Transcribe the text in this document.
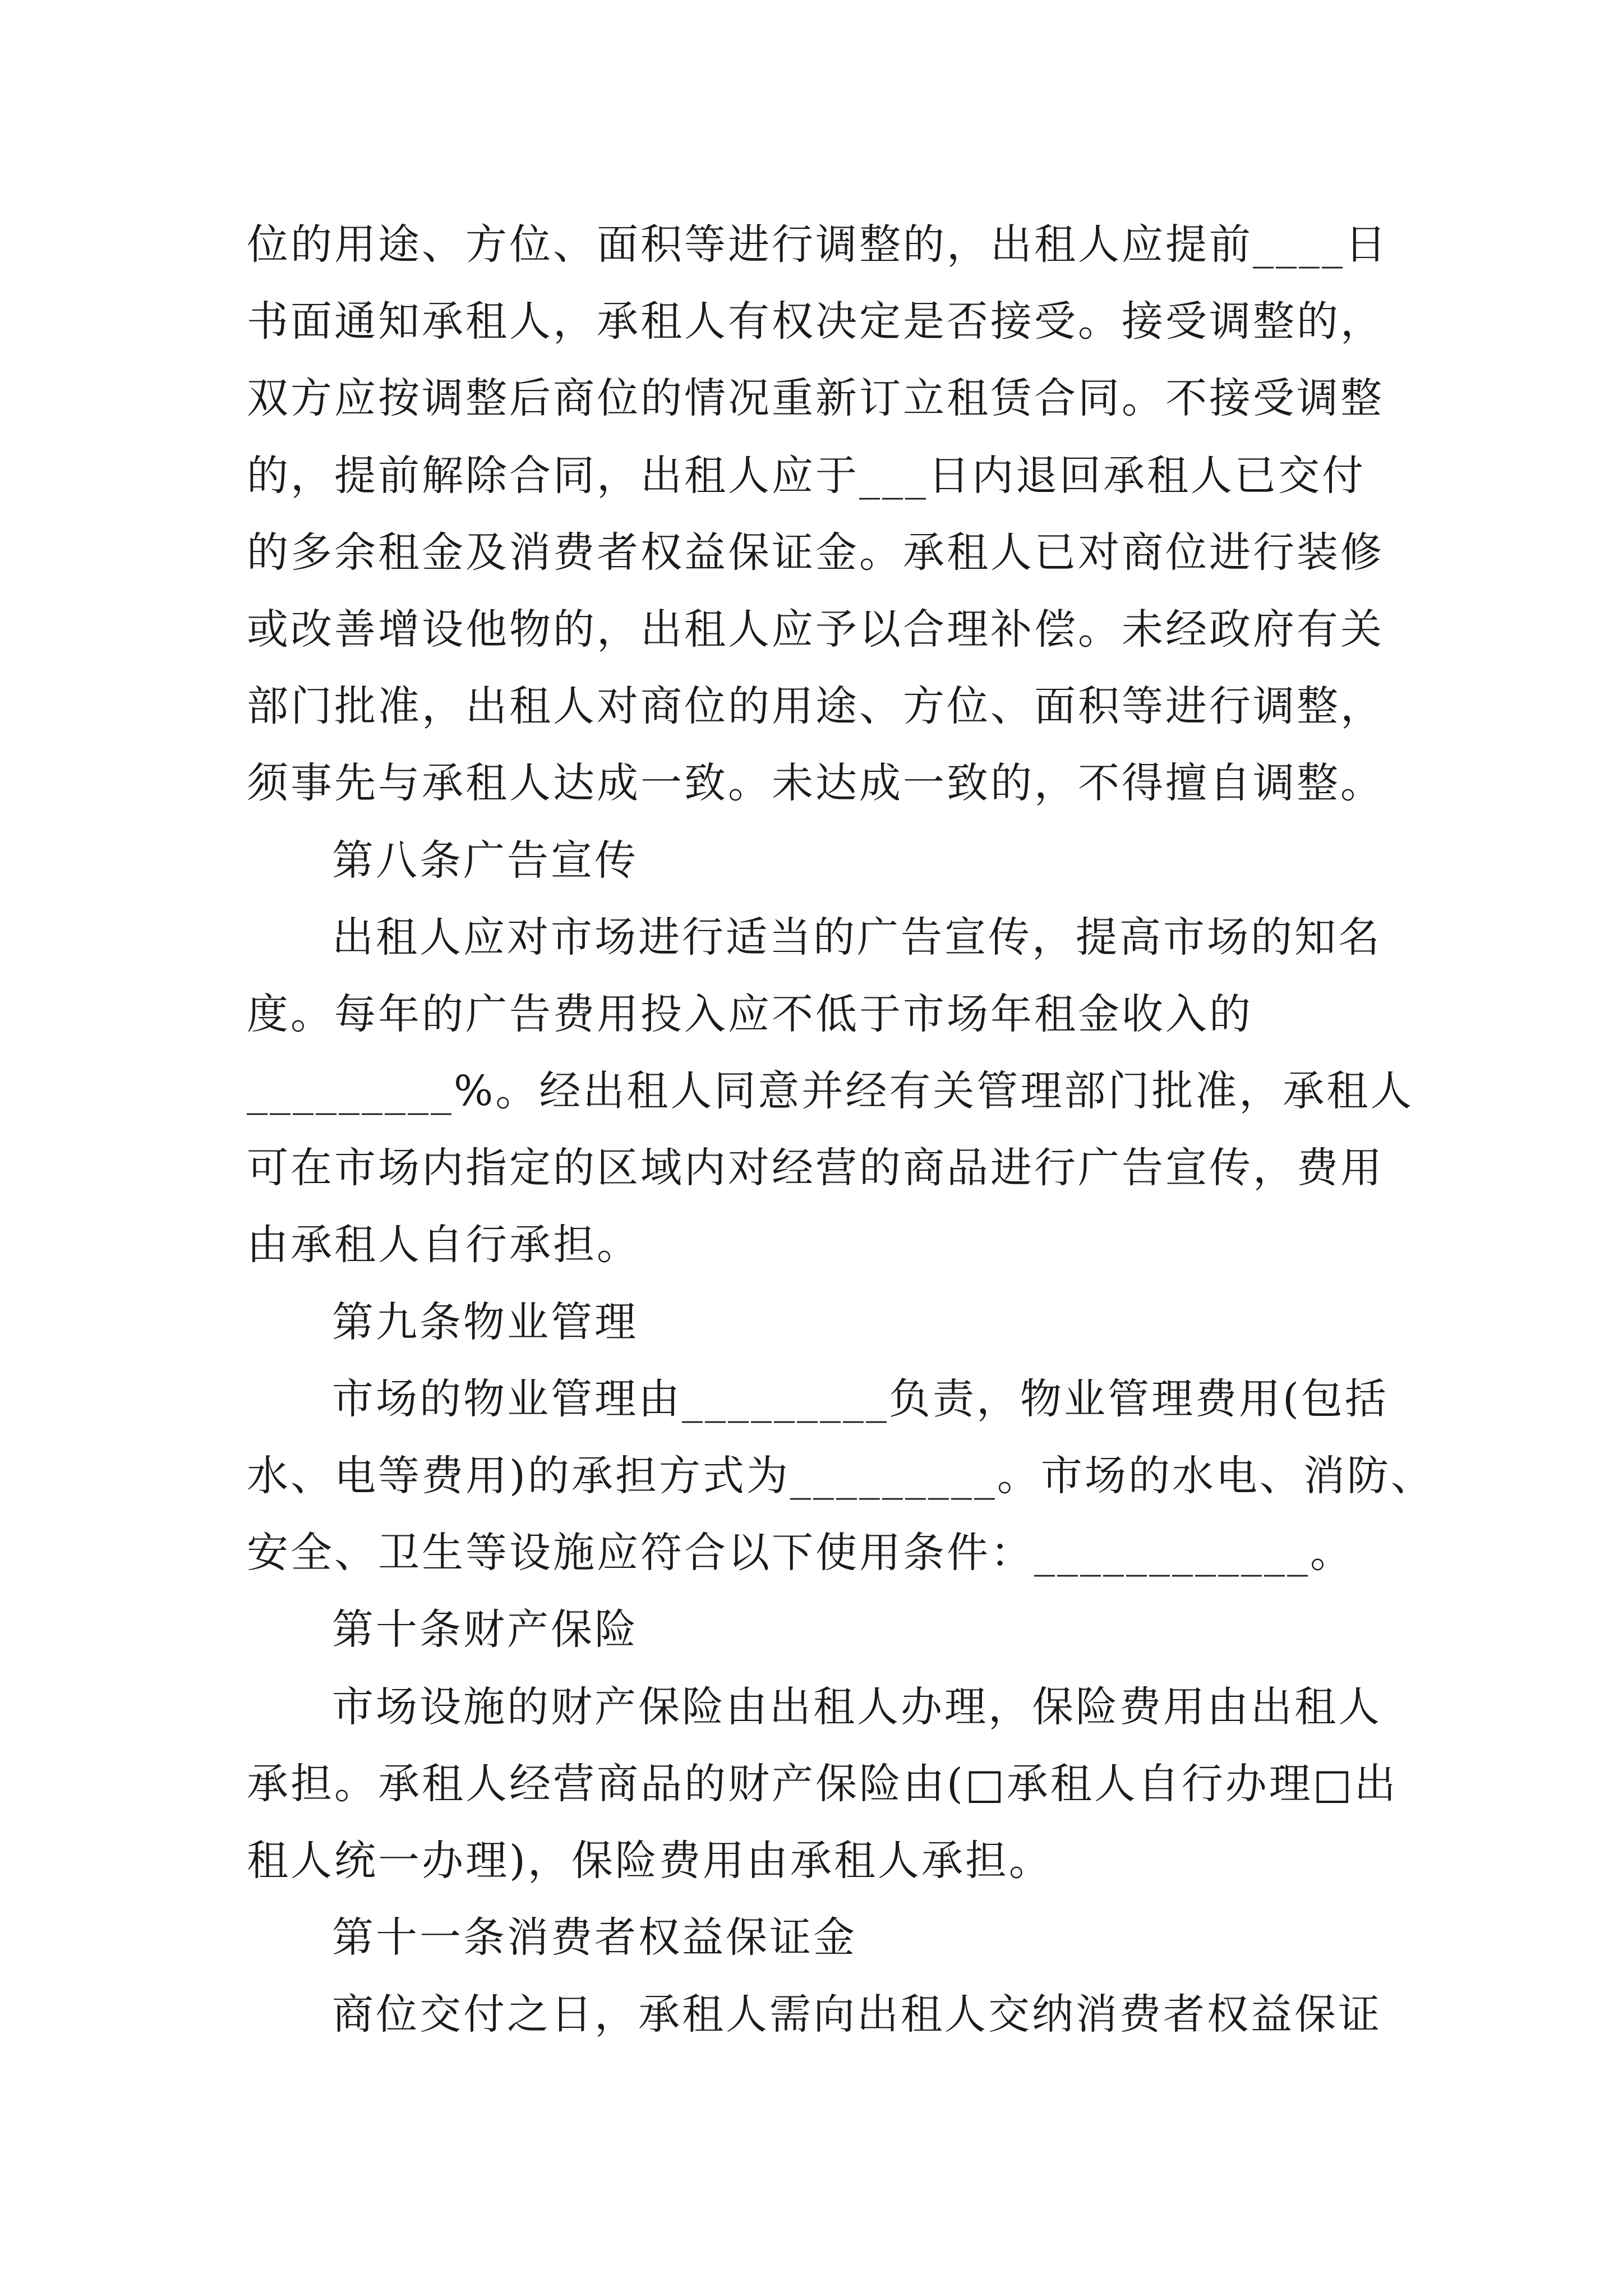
位的用途、方位、面积等进行调整的，出租人应提前____日
书面通知承租人，承租人有权决定是否接受。接受调整的，
双方应按调整后商位的情况重新订立租赁合同。不接受调整
的，提前解除合同，出租人应于___日内退回承租人已交付
的多余租金及消费者权益保证金。承租人已对商位进行装修
或改善增设他物的，出租人应予以合理补偿。未经政府有关
部门批准，出租人对商位的用途、方位、面积等进行调整，
须事先与承租人达成一致。未达成一致的，不得擅自调整。
第八条广告宣传
出租人应对市场进行适当的广告宣传，提高市场的知名
度。每年的广告费用投入应不低于市场年租金收入的
_________%。经出租人同意并经有关管理部门批准，承租人
可在市场内指定的区域内对经营的商品进行广告宣传，费用
由承租人自行承担。
第九条物业管理
市场的物业管理由_________负责，物业管理费用(包括
水、电等费用)的承担方式为_________。市场的水电、消防、
安全、卫生等设施应符合以下使用条件：____________。
第十条财产保险
市场设施的财产保险由出租人办理，保险费用由出租人
承担。承租人经营商品的财产保险由(□承租人自行办理□出
租人统一办理)，保险费用由承租人承担。
第十一条消费者权益保证金
商位交付之日，承租人需向出租人交纳消费者权益保证
